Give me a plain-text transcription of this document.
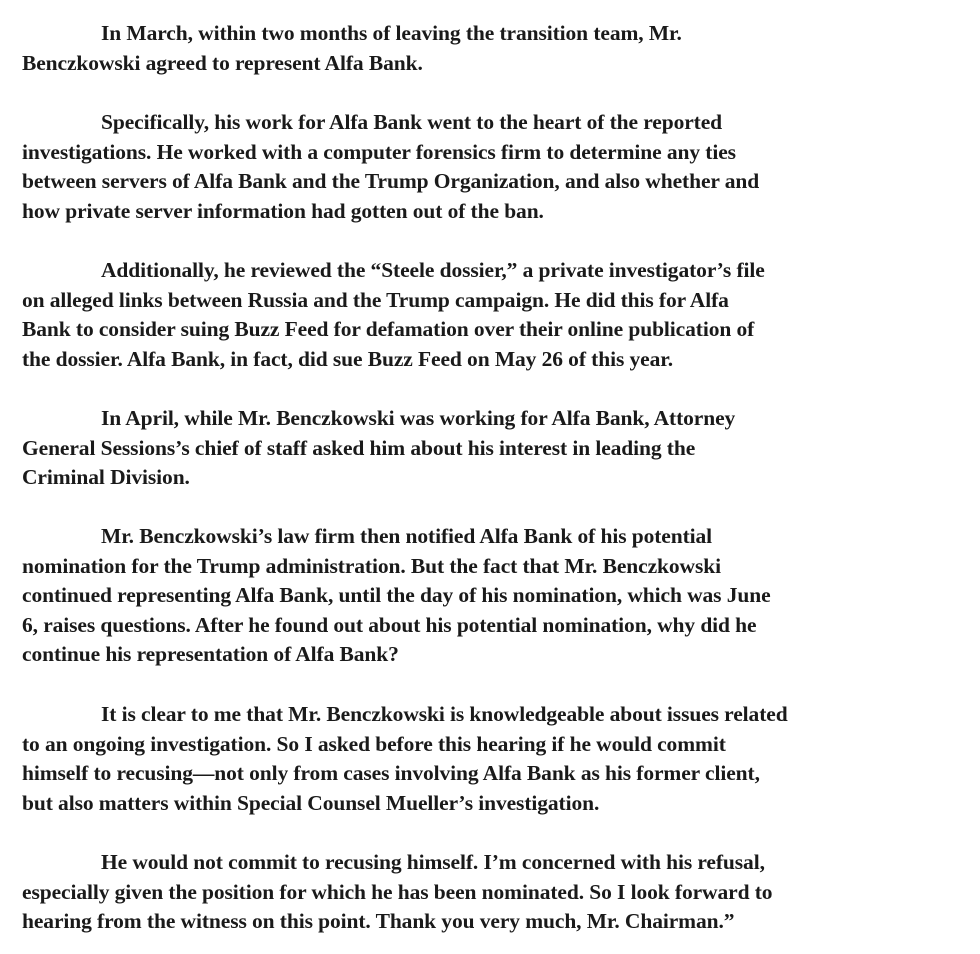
In March, within two months of leaving the transition team, Mr.
Benczkowski agreed to represent Alfa Bank.
Specifically, his work for Alfa Bank went to the heart of the reported
investigations. He worked with a computer forensics firm to determine any ties
between servers of Alfa Bank and the Trump Organization, and also whether and
how private server information had gotten out of the ban.
Additionally, he reviewed the “Steele dossier,” a private investigator’s file
on alleged links between Russia and the Trump campaign. He did this for Alfa
Bank to consider suing Buzz Feed for defamation over their online publication of
the dossier. Alfa Bank, in fact, did sue Buzz Feed on May 26 of this year.
In April, while Mr. Benczkowski was working for Alfa Bank, Attorney
General Sessions’s chief of staff asked him about his interest in leading the
Criminal Division.
Mr. Benczkowski’s law firm then notified Alfa Bank of his potential
nomination for the Trump administration. But the fact that Mr. Benczkowski
continued representing Alfa Bank, until the day of his nomination, which was June
6, raises questions. After he found out about his potential nomination, why did he
continue his representation of Alfa Bank?
It is clear to me that Mr. Benczkowski is knowledgeable about issues related
to an ongoing investigation. So I asked before this hearing if he would commit
himself to recusing—not only from cases involving Alfa Bank as his former client,
but also matters within Special Counsel Mueller’s investigation.
He would not commit to recusing himself. I’m concerned with his refusal,
especially given the position for which he has been nominated. So I look forward to
hearing from the witness on this point. Thank you very much, Mr. Chairman.”
